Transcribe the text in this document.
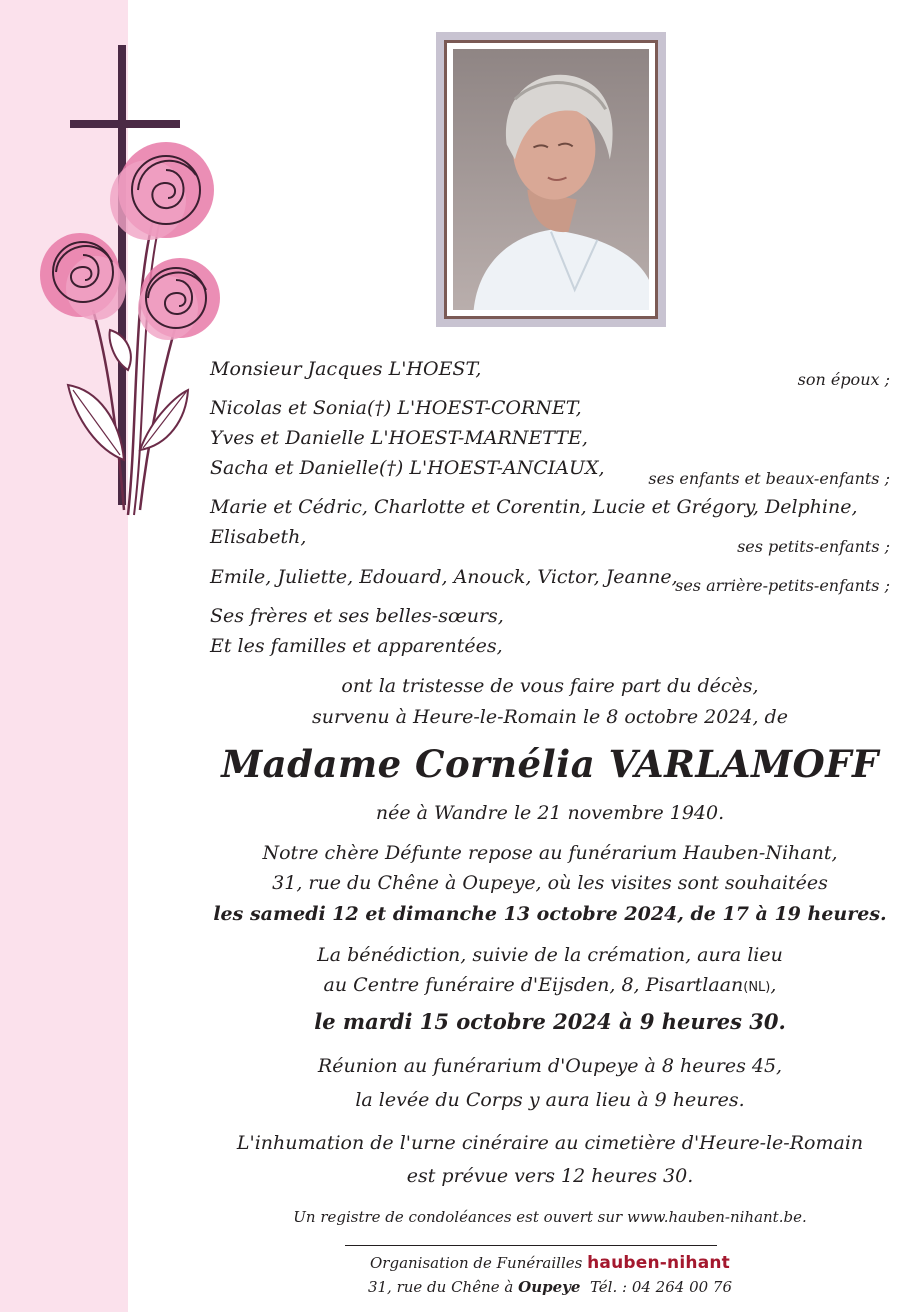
Monsieur Jacques L'HOEST,	son époux ;
Nicolas et Sonia(†) L'HOEST-CORNET,
Yves et Danielle L'HOEST-MARNETTE,
Sacha et Danielle(†) L'HOEST-ANCIAUX,	ses enfants et beaux-enfants ;
Marie et Cédric, Charlotte et Corentin, Lucie et Grégory, Delphine,
Elisabeth,	ses petits-enfants ;
Emile, Juliette, Edouard, Anouck, Victor, Jeanne,
ses arrière-petits-enfants ;
Ses frères et ses belles-sœurs,
Et les familles et apparentées,
ont la tristesse de vous faire part du décès,
survenu à Heure-le-Romain le 8 octobre 2024, de
Madame Cornélia VARLAMOFF
née à Wandre le 21 novembre 1940.
Notre chère Défunte repose au funérarium Hauben-Nihant,
31, rue du Chêne à Oupeye, où les visites sont souhaitées
les samedi 12 et dimanche 13 octobre 2024, de 17 à 19 heures.
La bénédiction, suivie de la crémation, aura lieu
au Centre funéraire d'Eijsden, 8, Pisartlaan(NL),
le mardi 15 octobre 2024 à 9 heures 30.
Réunion au funérarium d'Oupeye à 8 heures 45,
la levée du Corps y aura lieu à 9 heures.
L'inhumation de l'urne cinéraire au cimetière d'Heure-le-Romain
est prévue vers 12 heures 30.
Un registre de condoléances est ouvert sur www.hauben-nihant.be.
Organisation de Funérailles hauben-nihant
31, rue du Chêne à Oupeye Tél. : 04 264 00 76
